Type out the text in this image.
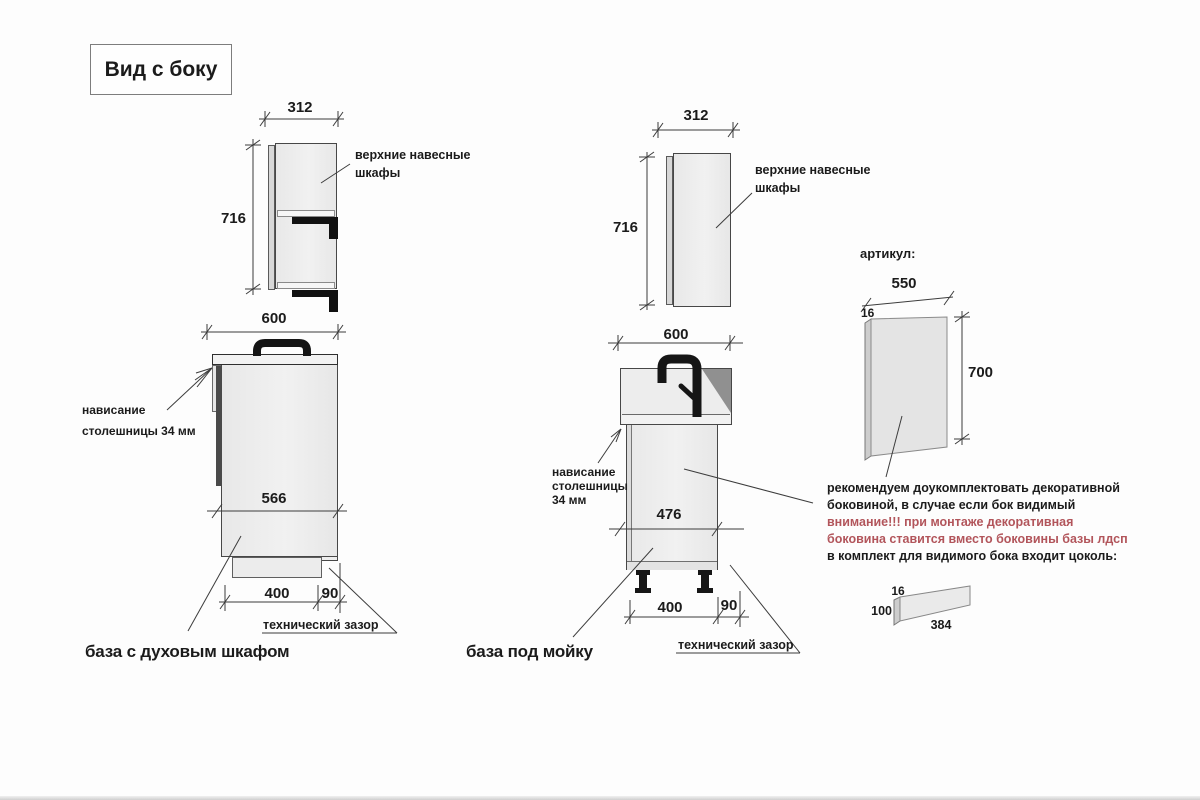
Вид с боку
312
716
верхние навесные
шкафы
600
566
400 90
нависание
столешницы 34 мм
технический зазор
база с духовым шкафом
312
716
верхние навесные
шкафы
600
476
400	90
нависание
столешницы
34 мм
технический зазор
база под мойку
артикул:
550
16
700
рекомендуем доукомплектовать декоративной
боковиной, в случае если бок видимый
внимание!!! при монтаже декоративная
боковина ставится вместо боковины базы лдсп
в комплект для видимого бока входит цоколь:
16
100
384
